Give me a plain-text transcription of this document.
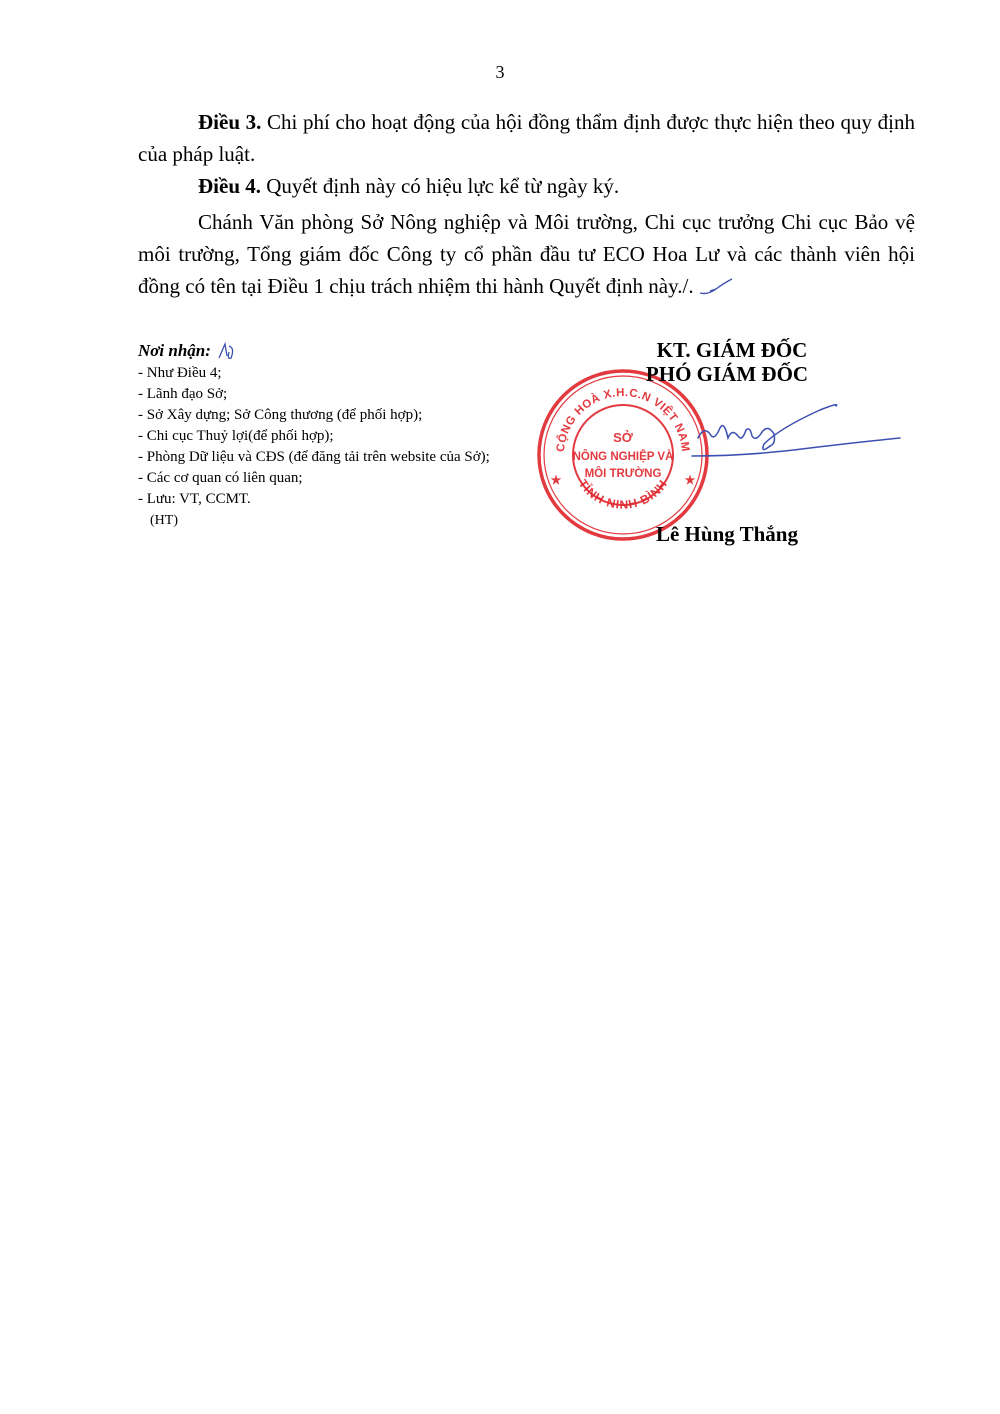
3

Điều 3. Chi phí cho hoạt động của hội đồng thẩm định được thực hiện theo quy định của pháp luật.

Điều 4. Quyết định này có hiệu lực kể từ ngày ký.

Chánh Văn phòng Sở Nông nghiệp và Môi trường, Chi cục trưởng Chi cục Bảo vệ môi trường, Tổng giám đốc Công ty cổ phần đầu tư ECO Hoa Lư và các thành viên hội đồng có tên tại Điều 1 chịu trách nhiệm thi hành Quyết định này./.

Nơi nhận:
- Như Điều 4;
- Lãnh đạo Sở;
- Sở Xây dựng; Sở Công thương (để phối hợp);
- Chi cục Thuỷ lợi(để phối hợp);
- Phòng Dữ liệu và CĐS (để đăng tải trên website của Sở);
- Các cơ quan có liên quan;
- Lưu: VT, CCMT.
(HT)
CỘNG HOÀ X.H.C.N VIỆT NAM
TỈNH NINH BÌNH
SỞ
NÔNG NGHIỆP VÀ
MÔI TRƯỜNG
★	★
KT. GIÁM ĐỐC
PHÓ GIÁM ĐỐC
Lê Hùng Thắng
